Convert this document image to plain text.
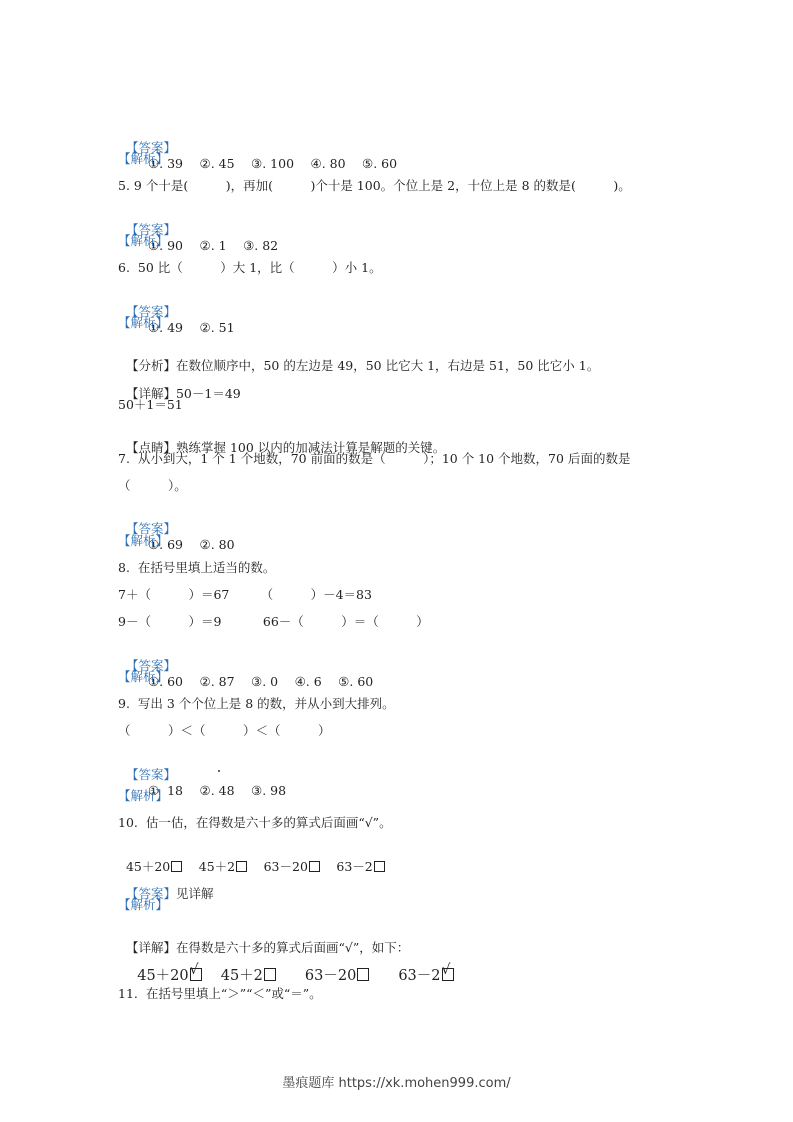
【答案】
①. 39　 ②. 45　 ③. 100　 ④. 80　 ⑤. 60

【解析】
5. 9 个十是(　　　)，再加(　　　)个十是 100。个位上是 2，十位上是 8 的数是(　　　)。

【答案】
①. 90　 ②. 1　 ③. 82

【解析】
6.  50 比（　　　）大 1，比（　　　）小 1。

【答案】
①. 49　 ②. 51

【解析】

【分析】在数位顺序中，50 的左边是 49，50 比它大 1，右边是 51，50 比它小 1。

【详解】50－1＝49

50＋1＝51

【点睛】熟练掌握 100 以内的加减法计算是解题的关键。

7.  从小到大，1 个 1 个地数，70 前面的数是（　　　）；10 个 10 个地数，70 后面的数是
（　　　）。

【答案】
①. 69　 ②. 80

【解析】
8.  在括号里填上适当的数。
7＋（　　　）＝67　　　（　　　）－4＝83
9－（　　　）＝9　　　 66－（　　　）＝（　　　）

【答案】
①. 60　 ②. 87　 ③. 0　 ④. 6　 ⑤. 60

【解析】
9.  写出 3 个个位上是 8 的数，并从小到大排列。
（　　　）＜（　　　）＜（　　　）

【答案】
①  18　 ②. 48　 ③. 98

【解析】
10.  估一估，在得数是六十多的算式后面画“√”。

45＋20　 45＋2　 63－20　 63－2

【答案】见详解

【解析】

【详解】在得数是六十多的算式后面画“√”，如下：

45＋20 √
　 45＋2　　	63－20　　	63－2 √

11.  在括号里填上“＞”“＜”或“＝”。
墨痕题库 https://xk.mohen999.com/
